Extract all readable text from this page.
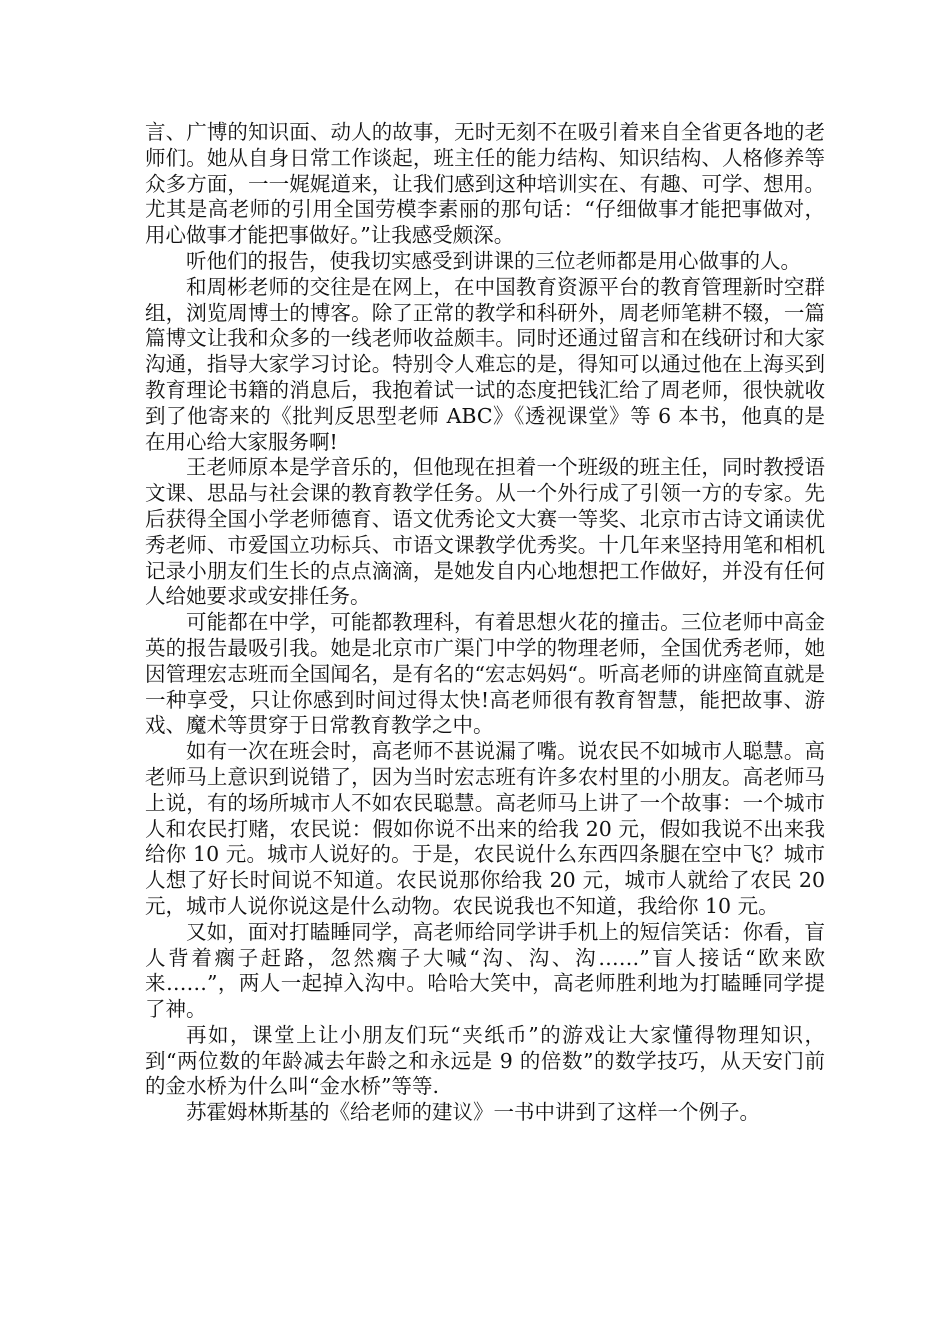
言、广博的知识面、动人的故事，无时无刻不在吸引着来自全省更各地的老师们。她从自身日常工作谈起，班主任的能力结构、知识结构、人格修养等众多方面，一一娓娓道来，让我们感到这种培训实在、有趣、可学、想用。尤其是高老师的引用全国劳模李素丽的那句话：“仔细做事才能把事做对，用心做事才能把事做好。”让我感受颇深。

听他们的报告，使我切实感受到讲课的三位老师都是用心做事的人。

和周彬老师的交往是在网上，在中国教育资源平台的教育管理新时空群组，浏览周博士的博客。除了正常的教学和科研外，周老师笔耕不辍，一篇篇博文让我和众多的一线老师收益颇丰。同时还通过留言和在线研讨和大家沟通，指导大家学习讨论。特别令人难忘的是，得知可以通过他在上海买到教育理论书籍的消息后，我抱着试一试的态度把钱汇给了周老师，很快就收到了他寄来的《批判反思型老师 ABC》《透视课堂》等 6 本书，他真的是在用心给大家服务啊!

王老师原本是学音乐的，但他现在担着一个班级的班主任，同时教授语文课、思品与社会课的教育教学任务。从一个外行成了引领一方的专家。先后获得全国小学老师德育、语文优秀论文大赛一等奖、北京市古诗文诵读优秀老师、市爱国立功标兵、市语文课教学优秀奖。十几年来坚持用笔和相机记录小朋友们生长的点点滴滴，是她发自内心地想把工作做好，并没有任何人给她要求或安排任务。

可能都在中学，可能都教理科，有着思想火花的撞击。三位老师中高金英的报告最吸引我。她是北京市广渠门中学的物理老师，全国优秀老师，她因管理宏志班而全国闻名，是有名的“宏志妈妈“。听高老师的讲座简直就是一种享受，只让你感到时间过得太快!高老师很有教育智慧，能把故事、游戏、魔术等贯穿于日常教育教学之中。

如有一次在班会时，高老师不甚说漏了嘴。说农民不如城市人聪慧。高老师马上意识到说错了，因为当时宏志班有许多农村里的小朋友。高老师马上说，有的场所城市人不如农民聪慧。高老师马上讲了一个故事：一个城市人和农民打赌，农民说：假如你说不出来的给我 20 元，假如我说不出来我给你 10 元。城市人说好的。于是，农民说什么东西四条腿在空中飞？城市人想了好长时间说不知道。农民说那你给我 20 元，城市人就给了农民 20 元，城市人说你说这是什么动物。农民说我也不知道，我给你 10 元。

又如，面对打瞌睡同学，高老师给同学讲手机上的短信笑话：你看，盲人背着瘸子赶路，忽然瘸子大喊“沟、沟、沟……”盲人接话“欧来欧来……”，两人一起掉入沟中。哈哈大笑中，高老师胜利地为打瞌睡同学提了神。

再如，课堂上让小朋友们玩“夹纸币”的游戏让大家懂得物理知识，到“两位数的年龄减去年龄之和永远是 9 的倍数”的数学技巧，从天安门前的金水桥为什么叫“金水桥”等等.

苏霍姆林斯基的《给老师的建议》一书中讲到了这样一个例子。
